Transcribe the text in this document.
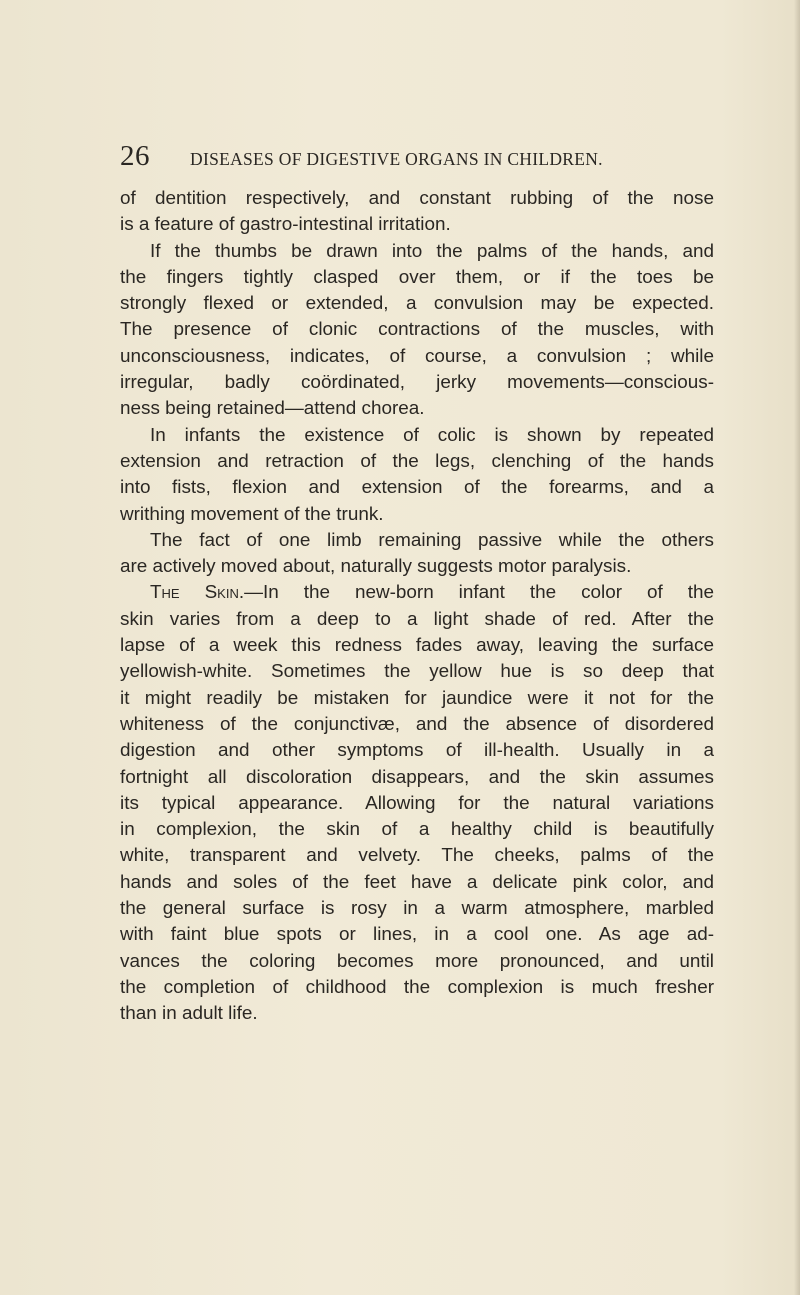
26	DISEASES OF DIGESTIVE ORGANS IN CHILDREN.
of dentition respectively, and constant rubbing of the nose
is a feature of gastro-intestinal irritation.
If the thumbs be drawn into the palms of the hands, and
the fingers tightly clasped over them, or if the toes be
strongly flexed or extended, a convulsion may be expected.
The presence of clonic contractions of the muscles, with
unconsciousness, indicates, of course, a convulsion ; while
irregular, badly coördinated, jerky movements—conscious-
ness being retained—attend chorea.
In infants the existence of colic is shown by repeated
extension and retraction of the legs, clenching of the hands
into fists, flexion and extension of the forearms, and a
writhing movement of the trunk.
The fact of one limb remaining passive while the others
are actively moved about, naturally suggests motor paralysis.
The Skin.—In the new-born infant the color of the
skin varies from a deep to a light shade of red. After the
lapse of a week this redness fades away, leaving the surface
yellowish-white. Sometimes the yellow hue is so deep that
it might readily be mistaken for jaundice were it not for the
whiteness of the conjunctivæ, and the absence of disordered
digestion and other symptoms of ill-health. Usually in a
fortnight all discoloration disappears, and the skin assumes
its typical appearance. Allowing for the natural variations
in complexion, the skin of a healthy child is beautifully
white, transparent and velvety. The cheeks, palms of the
hands and soles of the feet have a delicate pink color, and
the general surface is rosy in a warm atmosphere, marbled
with faint blue spots or lines, in a cool one. As age ad-
vances the coloring becomes more pronounced, and until
the completion of childhood the complexion is much fresher
than in adult life.
